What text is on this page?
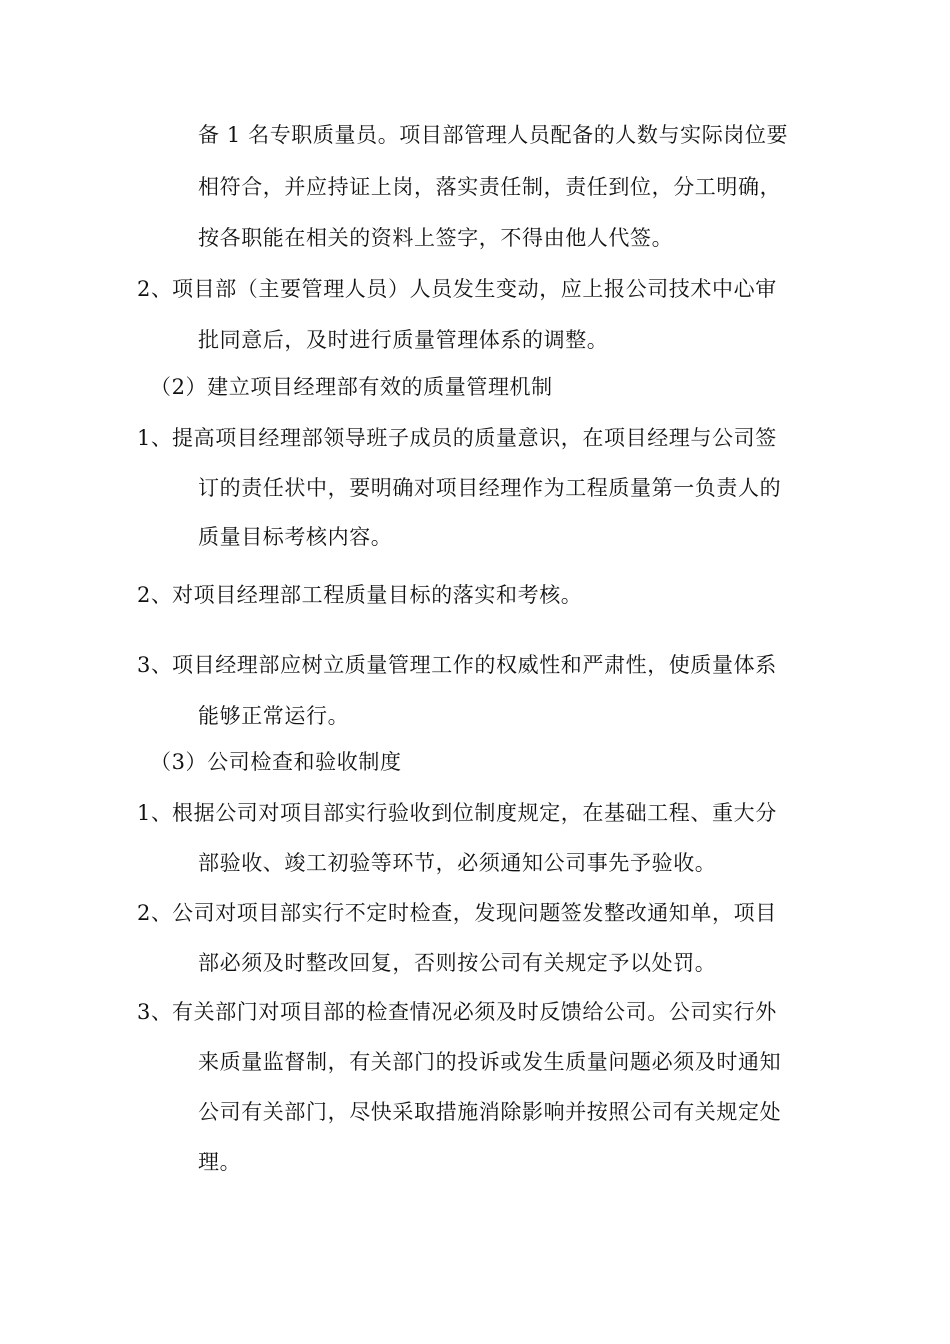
备 1 名专职质量员。项目部管理人员配备的人数与实际岗位要
相符合，并应持证上岗，落实责任制，责任到位，分工明确，
按各职能在相关的资料上签字，不得由他人代签。
2、 项目部（主要管理人员）人员发生变动，应上报公司技术中心审
批同意后，及时进行质量管理体系的调整。
（2）建立项目经理部有效的质量管理机制
1、 提高项目经理部领导班子成员的质量意识，在项目经理与公司签
订的责任状中，要明确对项目经理作为工程质量第一负责人的
质量目标考核内容。
2、 对项目经理部工程质量目标的落实和考核。
3、 项目经理部应树立质量管理工作的权威性和严肃性，使质量体系
能够正常运行。
（3）公司检查和验收制度
1、 根据公司对项目部实行验收到位制度规定，在基础工程、重大分
部验收、竣工初验等环节，必须通知公司事先予验收。
2、 公司对项目部实行不定时检查，发现问题签发整改通知单，项目
部必须及时整改回复，否则按公司有关规定予以处罚。
3、 有关部门对项目部的检查情况必须及时反馈给公司。公司实行外
来质量监督制，有关部门的投诉或发生质量问题必须及时通知
公司有关部门，尽快采取措施消除影响并按照公司有关规定处
理。
